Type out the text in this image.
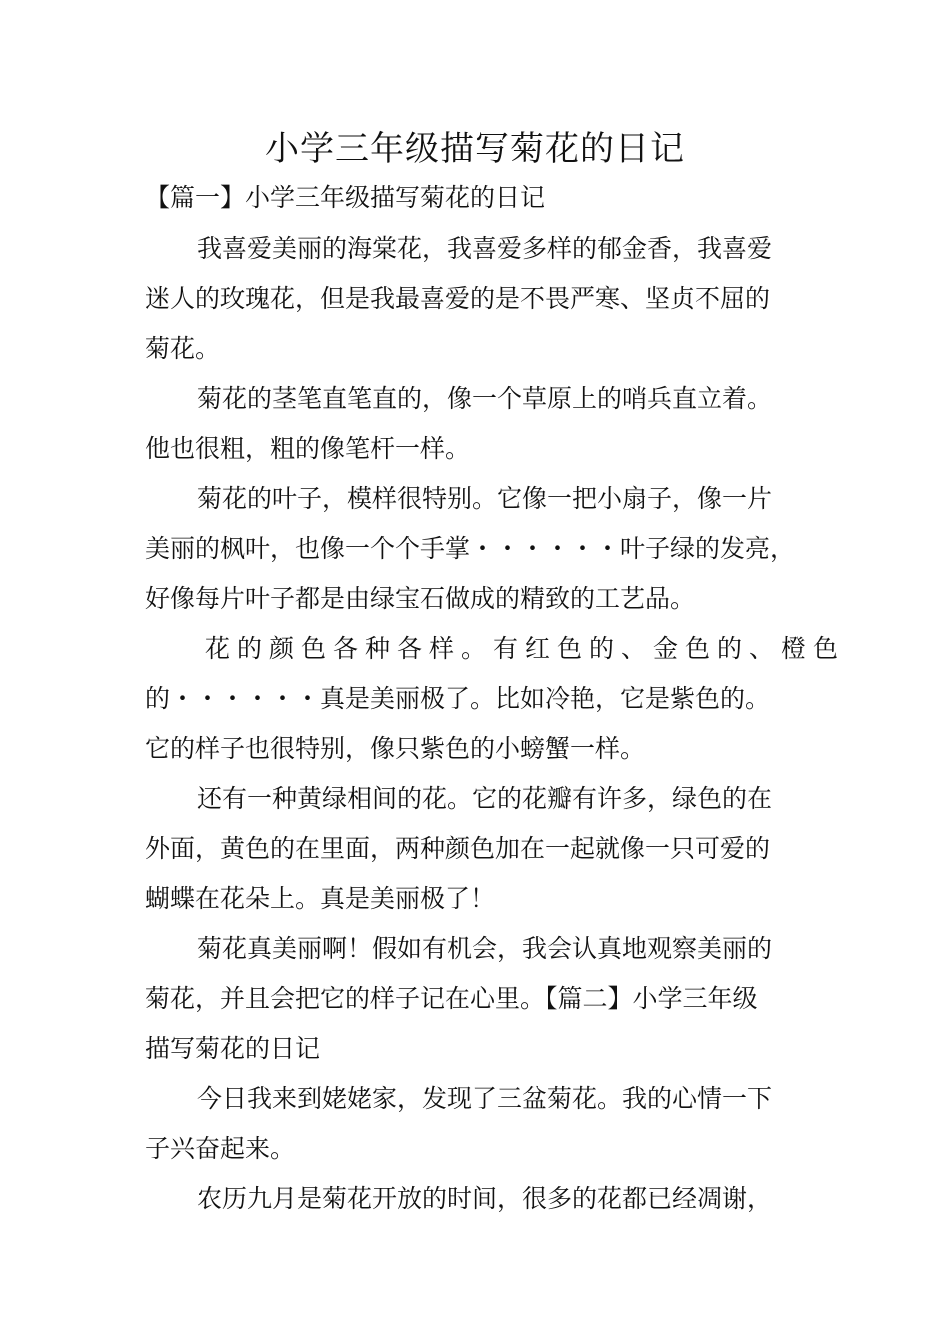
小学三年级描写菊花的日记
【篇一】小学三年级描写菊花的日记
我喜爱美丽的海棠花，我喜爱多样的郁金香，我喜爱
迷人的玫瑰花，但是我最喜爱的是不畏严寒、坚贞不屈的
菊花。
菊花的茎笔直笔直的，像一个草原上的哨兵直立着。
他也很粗，粗的像笔杆一样。
菊花的叶子，模样很特别。它像一把小扇子，像一片
美丽的枫叶，也像一个个手掌・・・・・・叶子绿的发亮，
好像每片叶子都是由绿宝石做成的精致的工艺品。
花的颜色各种各样。有红色的、金色的、橙色
的・・・・・・真是美丽极了。比如冷艳，它是紫色的。
它的样子也很特别，像只紫色的小螃蟹一样。
还有一种黄绿相间的花。它的花瓣有许多，绿色的在
外面，黄色的在里面，两种颜色加在一起就像一只可爱的
蝴蝶在花朵上。真是美丽极了！
菊花真美丽啊！假如有机会，我会认真地观察美丽的
菊花，并且会把它的样子记在心里。【篇二】小学三年级
描写菊花的日记
今日我来到姥姥家，发现了三盆菊花。我的心情一下
子兴奋起来。
农历九月是菊花开放的时间，很多的花都已经凋谢，
